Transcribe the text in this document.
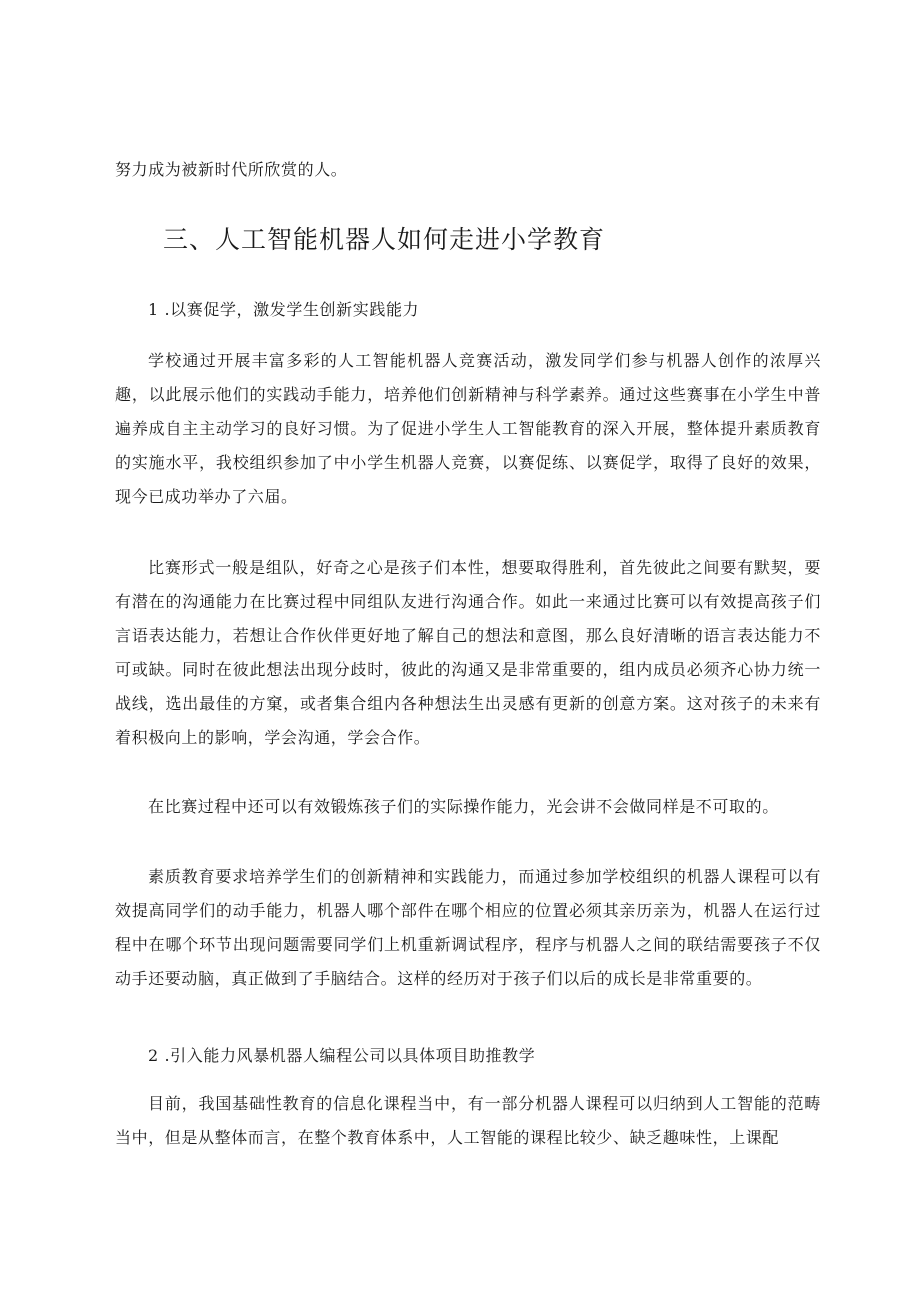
努力成为被新时代所欣赏的人。

三、人工智能机器人如何走进小学教育

1 .以赛促学，激发学生创新实践能力

学校通过开展丰富多彩的人工智能机器人竞赛活动，激发同学们参与机器人创作的浓厚兴趣，以此展示他们的实践动手能力，培养他们创新精神与科学素养。通过这些赛事在小学生中普遍养成自主主动学习的良好习惯。为了促进小学生人工智能教育的深入开展，整体提升素质教育的实施水平，我校组织参加了中小学生机器人竞赛，以赛促练、以赛促学，取得了良好的效果，现今已成功举办了六届。

比赛形式一般是组队，好奇之心是孩子们本性，想要取得胜利，首先彼此之间要有默契，要有潜在的沟通能力在比赛过程中同组队友进行沟通合作。如此一来通过比赛可以有效提高孩子们言语表达能力，若想让合作伙伴更好地了解自己的想法和意图，那么良好清晰的语言表达能力不可或缺。同时在彼此想法出现分歧时，彼此的沟通又是非常重要的，组内成员必须齐心协力统一战线，选出最佳的方窠，或者集合组内各种想法生出灵感有更新的创意方案。这对孩子的未来有着积极向上的影响，学会沟通，学会合作。

在比赛过程中还可以有效锻炼孩子们的实际操作能力，光会讲不会做同样是不可取的。

素质教育要求培养学生们的创新精神和实践能力，而通过参加学校组织的机器人课程可以有效提高同学们的动手能力，机器人哪个部件在哪个相应的位置必须其亲历亲为，机器人在运行过程中在哪个环节出现问题需要同学们上机重新调试程序，程序与机器人之间的联结需要孩子不仅动手还要动脑，真正做到了手脑结合。这样的经历对于孩子们以后的成长是非常重要的。

2 .引入能力风暴机器人编程公司以具体项目助推教学

目前，我国基础性教育的信息化课程当中，有一部分机器人课程可以归纳到人工智能的范畴当中，但是从整体而言，在整个教育体系中，人工智能的课程比较少、缺乏趣味性，上课配
